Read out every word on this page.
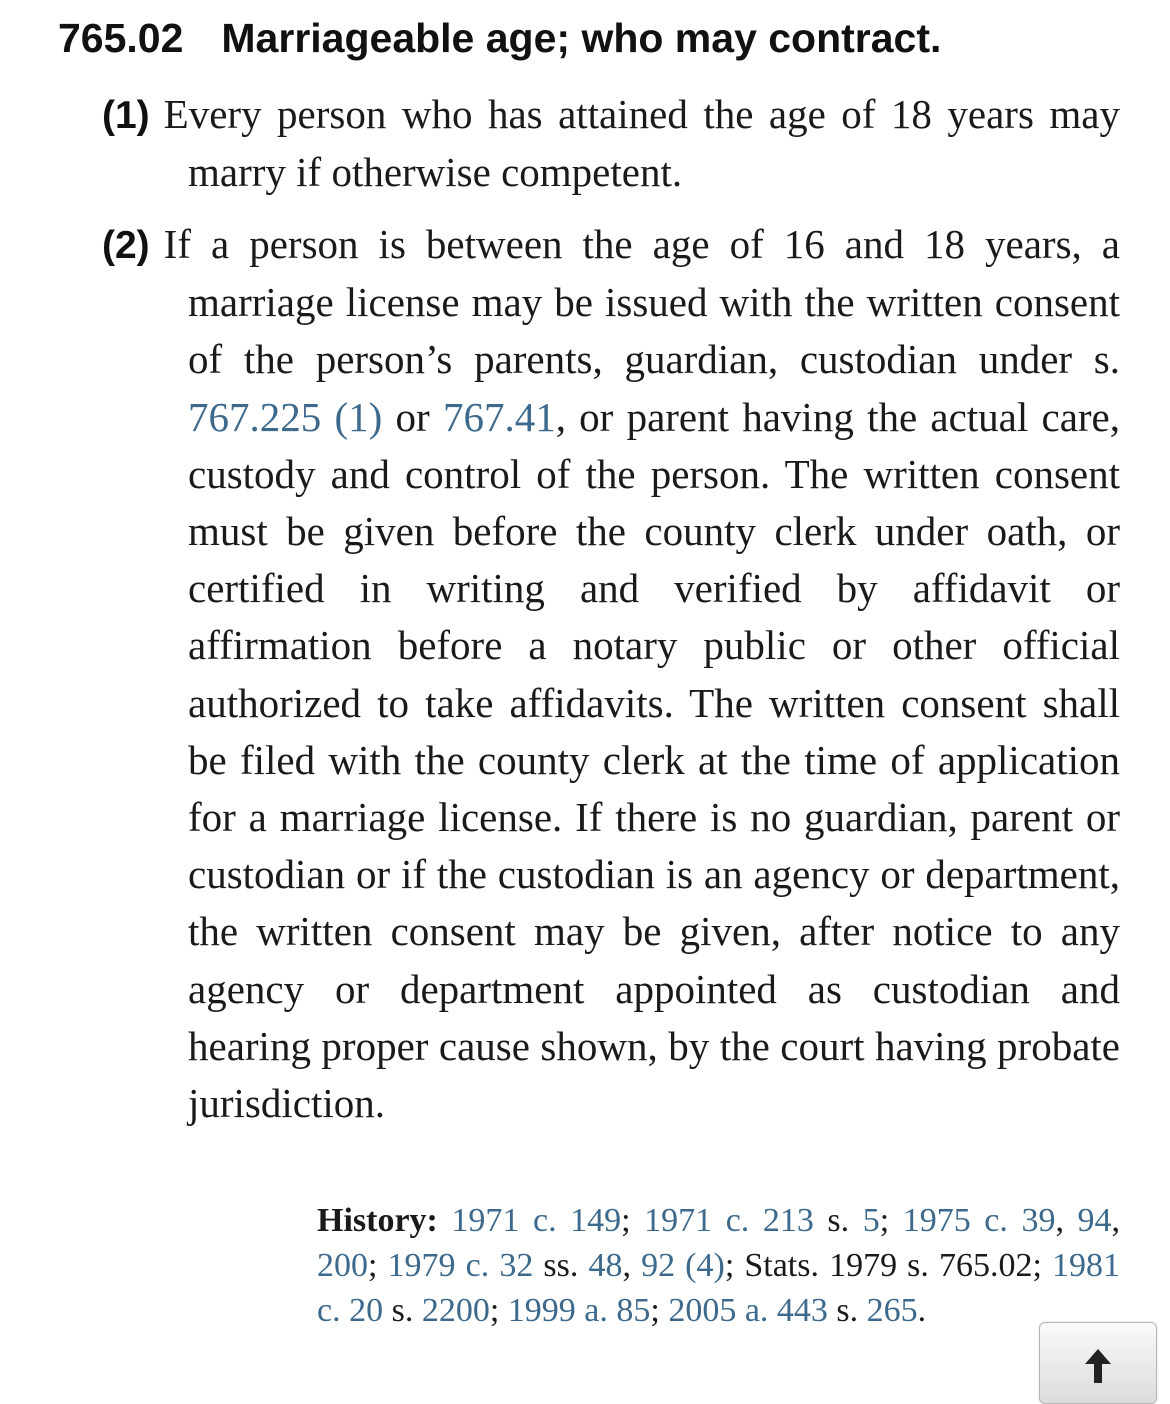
765.02 Marriageable age; who may contract.

(1) Every person who has attained the age of 18 years may marry if otherwise competent.

(2) If a person is between the age of 16 and 18 years, a marriage license may be issued with the written consent of the person’s parents, guardian, custodian under s. 767.225 (1) or 767.41, or parent having the actual care, custody and control of the person. The written consent must be given before the county clerk under oath, or certified in writing and verified by affidavit or affirmation before a notary public or other official authorized to take affidavits. The written consent shall be filed with the county clerk at the time of application for a marriage license. If there is no guardian, parent or custodian or if the custodian is an agency or department, the written consent may be given, after notice to any agency or department appointed as custodian and hearing proper cause shown, by the court having probate jurisdiction.

History: 1971 c. 149; 1971 c. 213 s. 5; 1975 c. 39, 94, 200; 1979 c. 32 ss. 48, 92 (4); Stats. 1979 s. 765.02; 1981 c. 20 s. 2200; 1999 a. 85; 2005 a. 443 s. 265.
